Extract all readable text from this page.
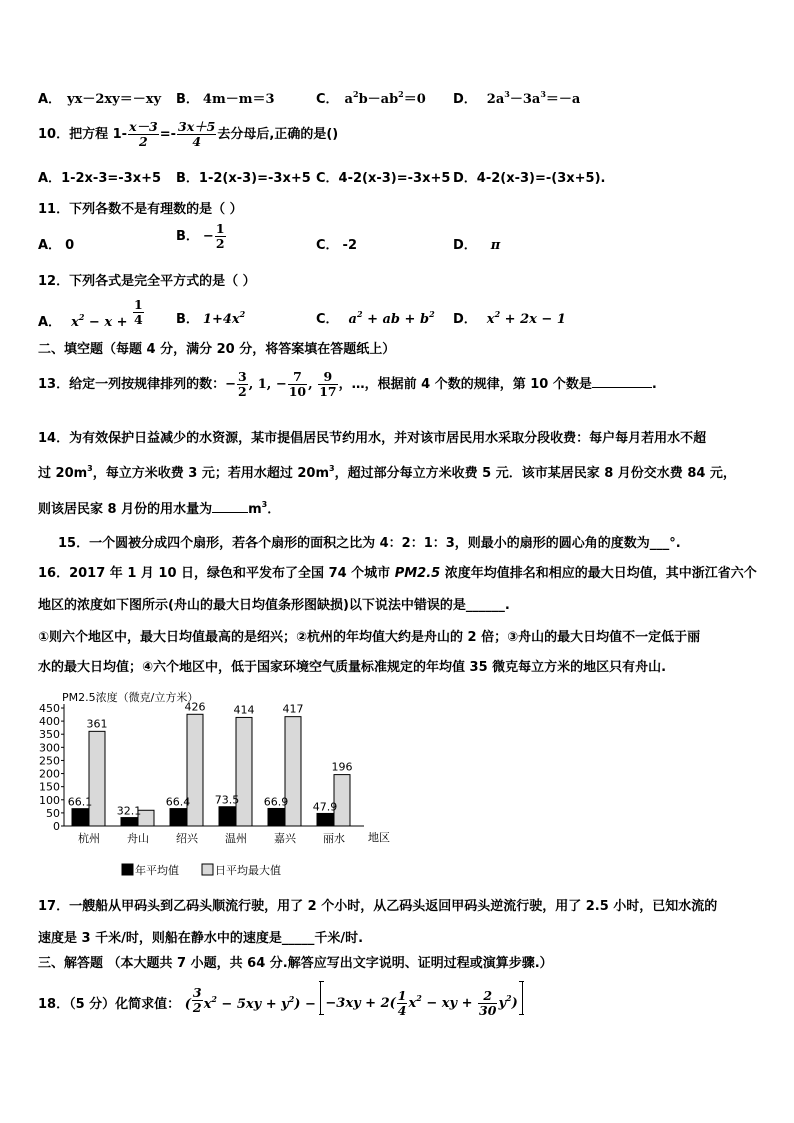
A． yx－2xy＝－xy B． 4m－m＝3	C． $a^2b-ab^2=0$ D． $2a^3-3a^3=-a$
10．把方程 $1- \frac{x-3}{2} =- \frac{3x+5}{4}$ 去分母后,正确的是()
A．1-2x-3=-3x+5 B．1-2(x-3)=-3x+5 C．4-2(x-3)=-3x+5 D．4-2(x-3)=-(3x+5).
11．下列各数不是有理数的是（ ）
A． 0
B． − $\frac{1}{2}$	C． -2	D． π
12．下列各式是完全平方式的是（ ）
A． $x^2 - x + \frac{1}{4}$ B． $1+4x^2$	C． $a^2$ + ab + $b^2$ D． $x^2 + 2x - 1$
二、填空题（每题 4 分，满分 20 分，将答案填在答题纸上）
13．给定一列按规律排列的数：− $\frac{3}{2}$ , 1, − $\frac{7}{10}$ , $\frac{9}{17}$ ，…，根据前 4 个数的规律，第 10 个数是	.
14．为有效保护日益减少的水资源，某市提倡居民节约用水，并对该市居民用水采取分段收费：每户每月若用水不超
过 $20m^3$，每立方米收费 3 元；若用水超过 $20m^3$，超过部分每立方米收费 5 元．该市某居民家 8 月份交水费 84 元，
则该居民家 8 月份的用水量为	$m^3$．
15．一个圆被分成四个扇形，若各个扇形的面积之比为 4：2：1：3，则最小的扇形的圆心角的度数为___°.
16．2017 年 1 月 10 日，绿色和平发布了全国 74 个城市 PM2.5 浓度年均值排名和相应的最大日均值，其中浙江省六个
地区的浓度如下图所示(舟山的最大日均值条形图缺损)以下说法中错误的是______.
①则六个地区中，最大日均值最高的是绍兴；②杭州的年均值大约是舟山的 2 倍；③舟山的最大日均值不一定低于丽
水的最大日均值；④六个地区中，低于国家环境空气质量标准规定的年均值 35 微克每立方米的地区只有舟山.
PM2.5浓度（微克/立方米）
地区
0
50
100
150
200
250
300
350
400
450
66.1
361
杭州
32.1
舟山
66.4
426
绍兴
73.5
414
温州
66.9
417
嘉兴
47.9
196
丽水
年平均值	日平均最大值
17．一艘船从甲码头到乙码头顺流行驶，用了 2 个小时，从乙码头返回甲码头逆流行驶，用了 2.5 小时，已知水流的
速度是 3 千米/时，则船在静水中的速度是_____千米/时.
三、解答题 （本大题共 7 小题，共 64 分.解答应写出文字说明、证明过程或演算步骤.）
18．（5 分）化简求值： ( $\frac{3}{2} x^2 - 5xy + y^2) - -3xy + 2( \frac{1}{4} x^2$ − xy + $\frac{2}{30} y^2$)
